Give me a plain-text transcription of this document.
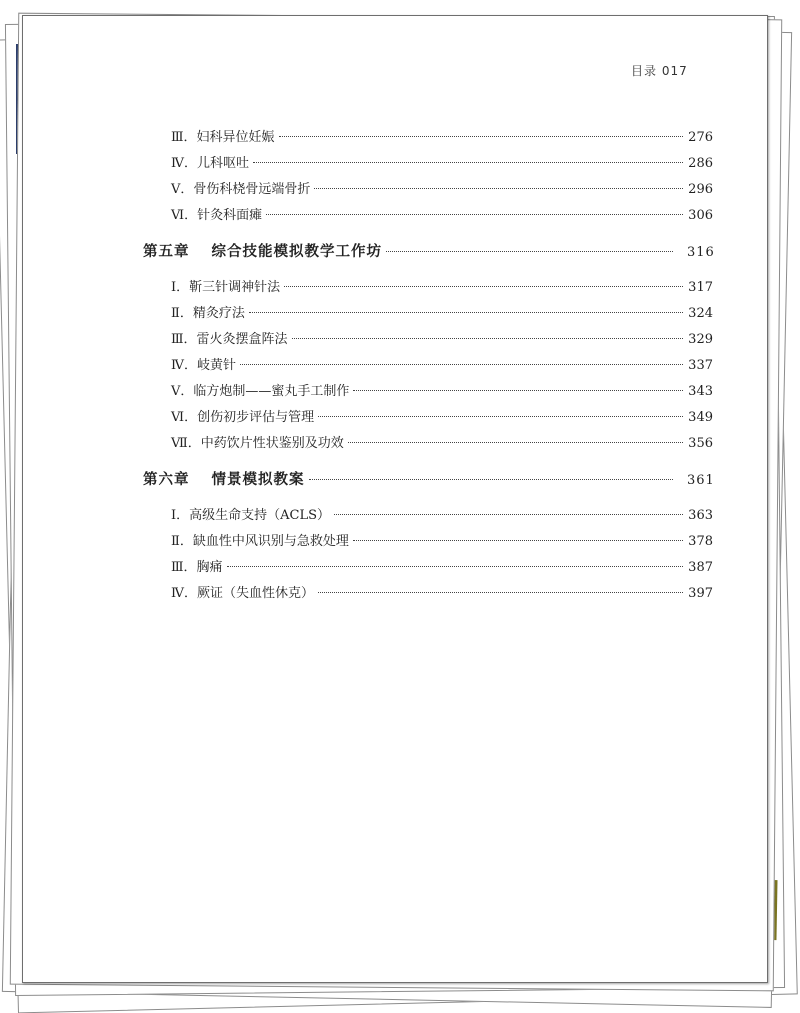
目录 017
Ⅲ．妇科异位妊娠	276
Ⅳ．儿科呕吐	286
Ⅴ．骨伤科桡骨远端骨折	296
Ⅵ．针灸科面瘫	306
第五章 综合技能模拟教学工作坊	316
Ⅰ．靳三针调神针法	317
Ⅱ．精灸疗法	324
Ⅲ．雷火灸摆盒阵法	329
Ⅳ．岐黄针	337
Ⅴ．临方炮制——蜜丸手工制作	343
Ⅵ．创伤初步评估与管理	349
Ⅶ．中药饮片性状鉴别及功效	356
第六章 情景模拟教案	361
Ⅰ．高级生命支持（ACLS）	363
Ⅱ．缺血性中风识别与急救处理	378
Ⅲ．胸痛	387
Ⅳ．厥证（失血性休克）	397
